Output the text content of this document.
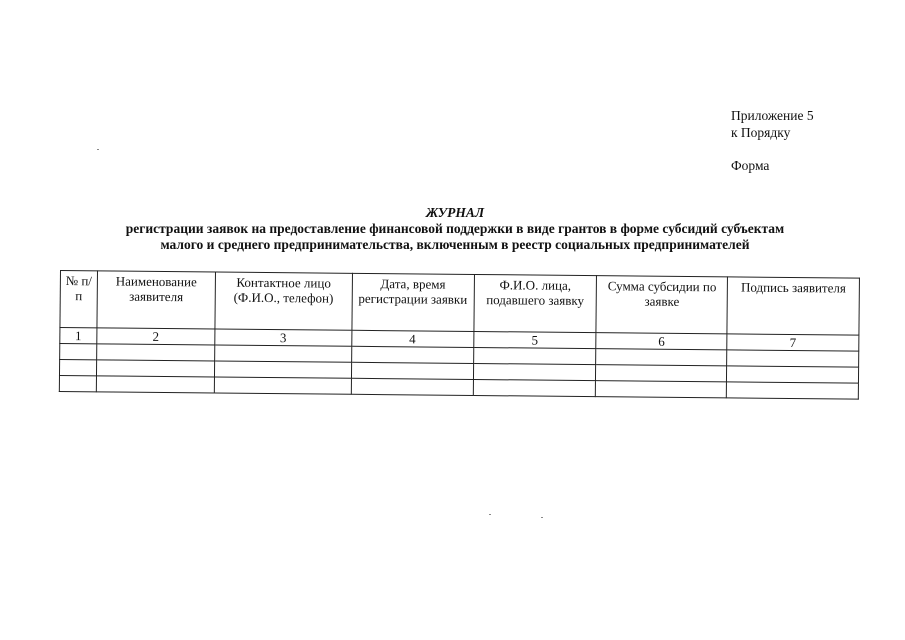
Приложение 5
к Порядку
Форма
ЖУРНАЛ
регистрации заявок на предоставление финансовой поддержки в виде грантов в форме субсидий субъектам
малого и среднего предпринимательства, включенным в реестр социальных предпринимателей
№ п/п	Наименование заявителя	Контактное лицо (Ф.И.О., телефон)	Дата, время регистрации заявки	Ф.И.О. лица, подавшего заявку	Сумма субсидии по заявке	Подпись заявителя
1	2	3	4	5	6	7
